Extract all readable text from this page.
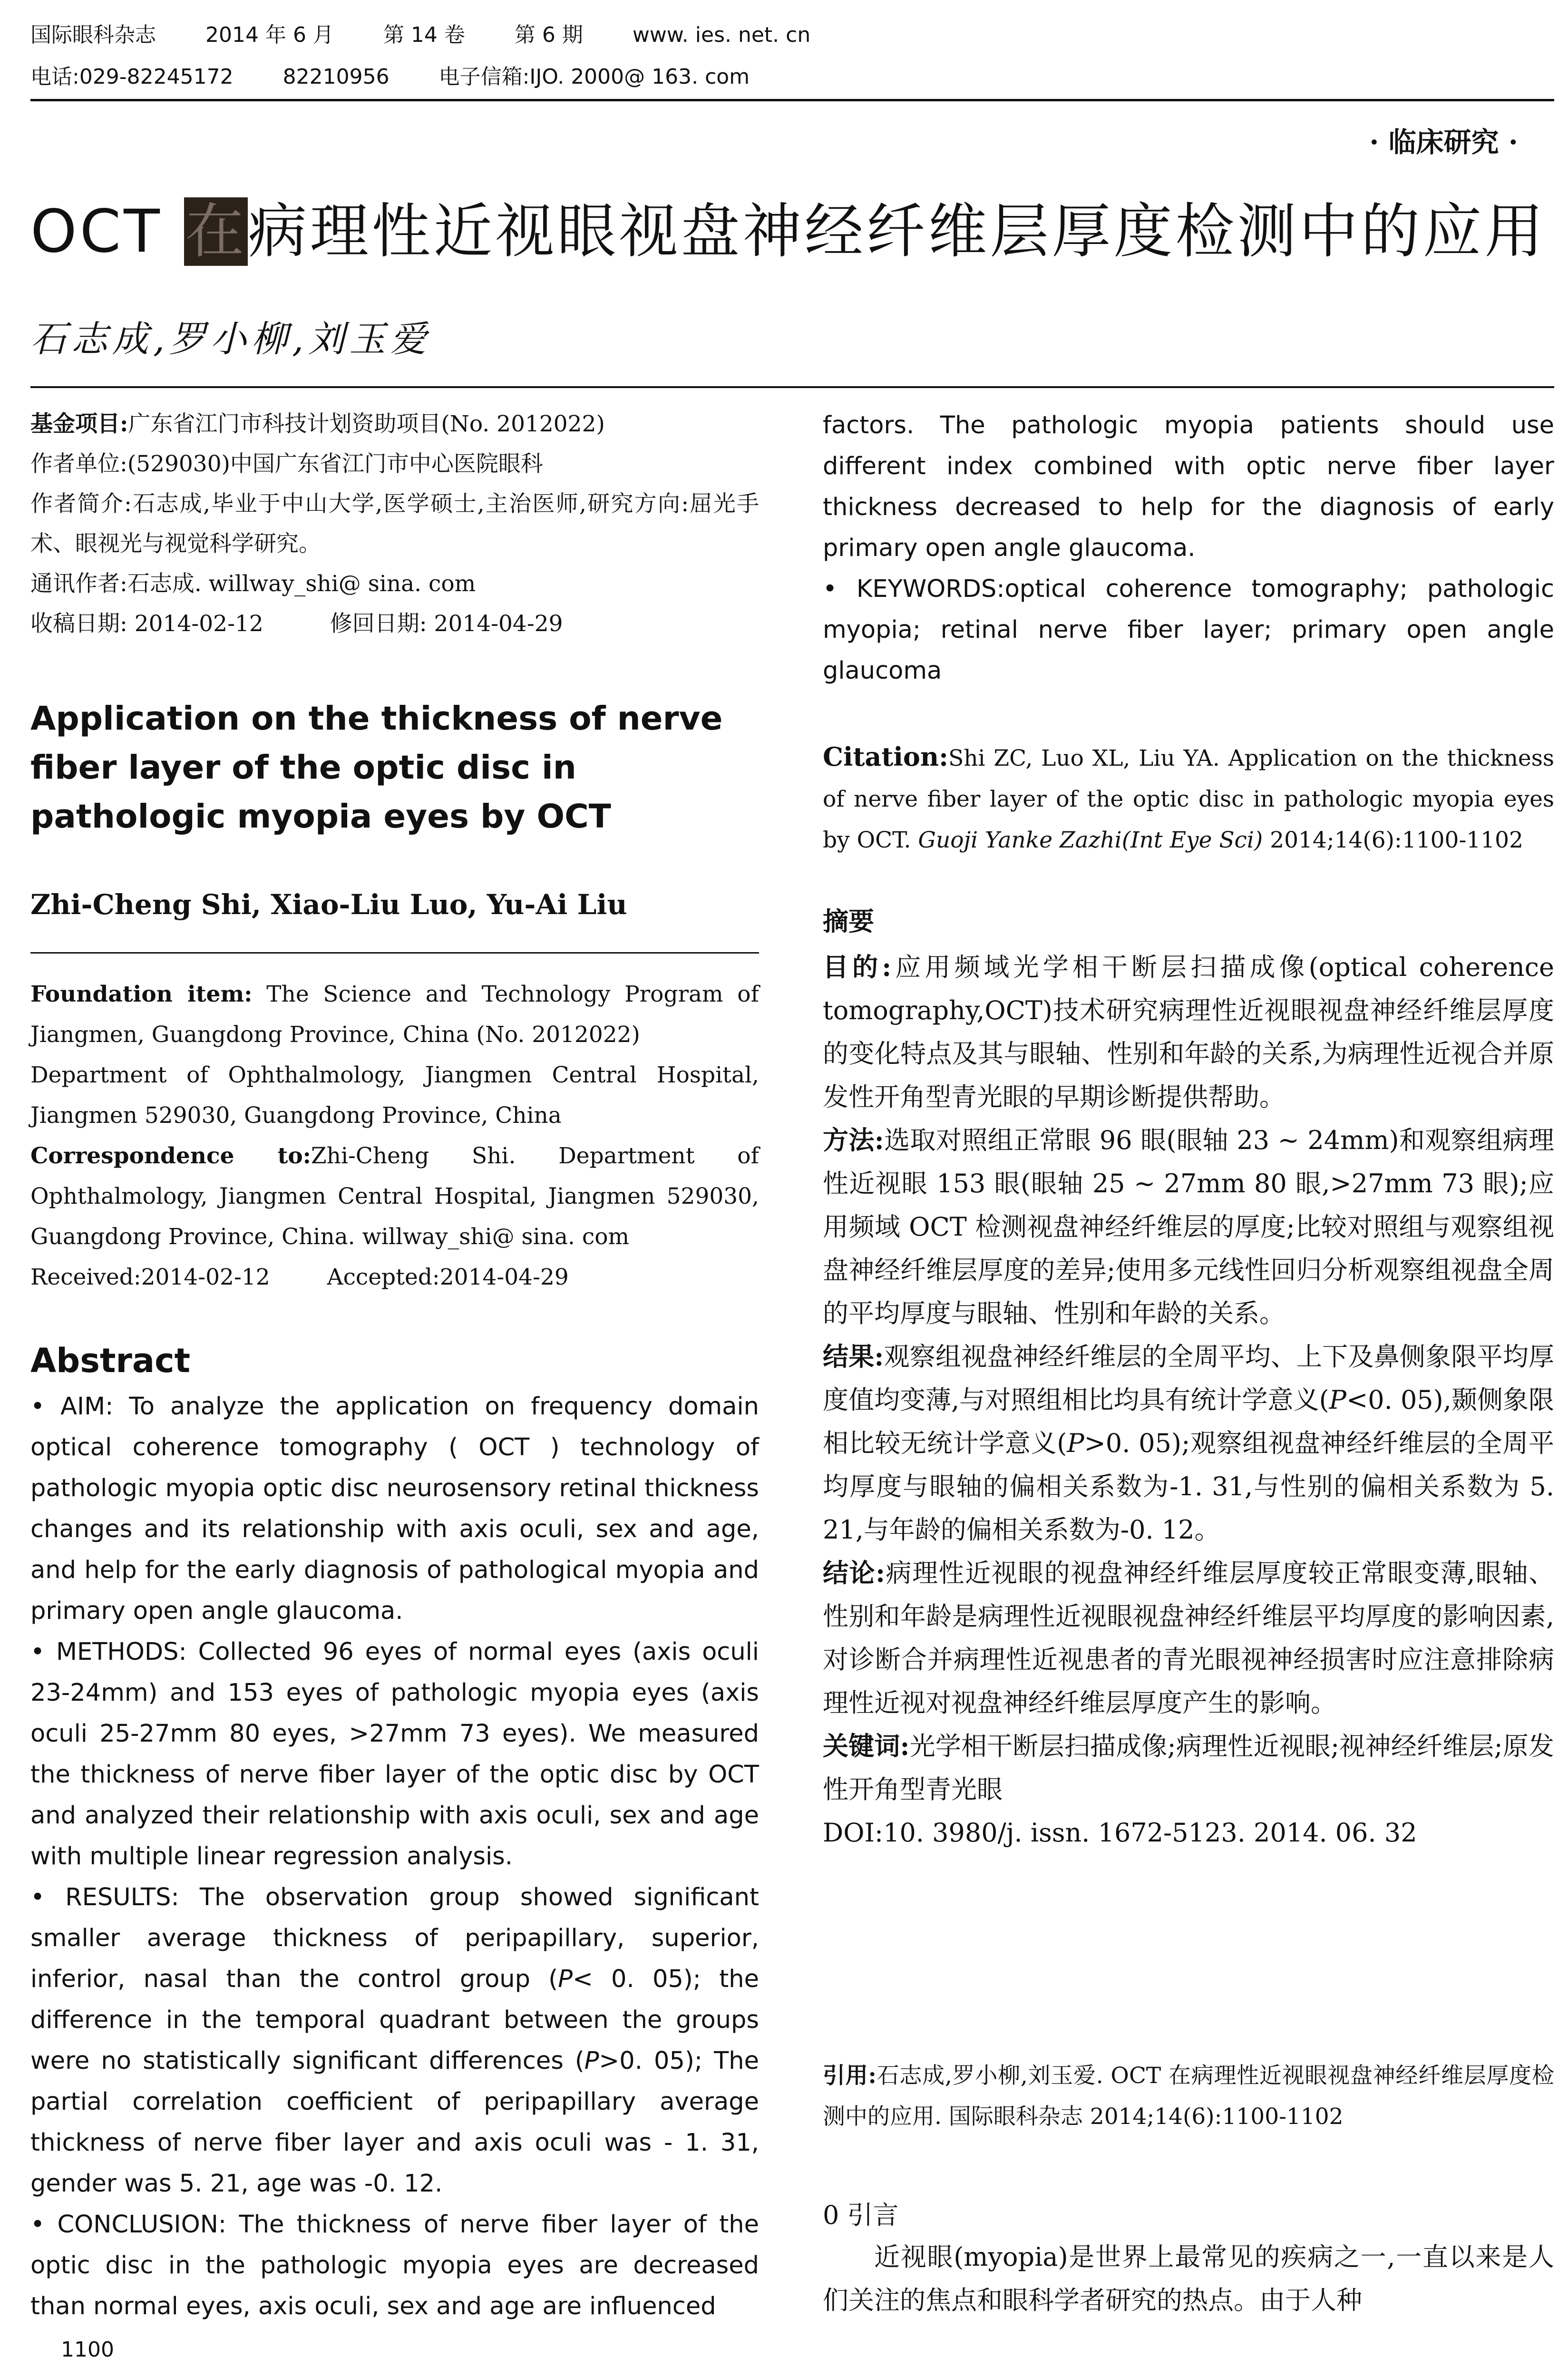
国际眼科杂志 2014 年 6 月 第 14 卷 第 6 期 www. ies. net. cn
电话:029-82245172 82210956 电子信箱:IJO. 2000@ 163. com
· 临床研究 ·
OCT 在病理性近视眼视盘神经纤维层厚度检测中的应用
石志成,罗小柳,刘玉爱

基金项目:广东省江门市科技计划资助项目(No. 2012022)

作者单位:(529030)中国广东省江门市中心医院眼科

作者简介:石志成,毕业于中山大学,医学硕士,主治医师,研究方向:屈光手术、眼视光与视觉科学研究。

通讯作者:石志成. willway_shi@ sina. com

收稿日期: 2014-02-12	修回日期: 2014-04-29

Application on the thickness of nerve fiber layer of the optic disc in pathologic myopia eyes by OCT

Zhi-Cheng Shi, Xiao-Liu Luo, Yu-Ai Liu

Foundation item: The Science and Technology Program of Jiangmen, Guangdong Province, China (No. 2012022)

Department of Ophthalmology, Jiangmen Central Hospital, Jiangmen 529030, Guangdong Province, China

Correspondence to:Zhi-Cheng Shi. Department of Ophthalmology, Jiangmen Central Hospital, Jiangmen 529030, Guangdong Province, China. willway_shi@ sina. com

Received:2014-02-12	Accepted:2014-04-29

Abstract

• AIM: To analyze the application on frequency domain optical coherence tomography ( OCT ) technology of pathologic myopia optic disc neurosensory retinal thickness changes and its relationship with axis oculi, sex and age, and help for the early diagnosis of pathological myopia and primary open angle glaucoma.

• METHODS: Collected 96 eyes of normal eyes (axis oculi 23-24mm) and 153 eyes of pathologic myopia eyes (axis oculi 25-27mm 80 eyes, >27mm 73 eyes). We measured the thickness of nerve fiber layer of the optic disc by OCT and analyzed their relationship with axis oculi, sex and age with multiple linear regression analysis.

• RESULTS: The observation group showed significant smaller average thickness of peripapillary, superior, inferior, nasal than the control group (P< 0. 05); the difference in the temporal quadrant between the groups were no statistically significant differences (P>0. 05); The partial correlation coefficient of peripapillary average thickness of nerve fiber layer and axis oculi was - 1. 31, gender was 5. 21, age was -0. 12.

• CONCLUSION: The thickness of nerve fiber layer of the optic disc in the pathologic myopia eyes are decreased than normal eyes, axis oculi, sex and age are influenced

1100

factors. The pathologic myopia patients should use different index combined with optic nerve fiber layer thickness decreased to help for the diagnosis of early primary open angle glaucoma.

• KEYWORDS:optical coherence tomography; pathologic myopia; retinal nerve fiber layer; primary open angle glaucoma

Citation:Shi ZC, Luo XL, Liu YA. Application on the thickness of nerve fiber layer of the optic disc in pathologic myopia eyes by OCT. Guoji Yanke Zazhi(Int Eye Sci) 2014;14(6):1100-1102

摘要

目的:应用频域光学相干断层扫描成像(optical coherence tomography,OCT)技术研究病理性近视眼视盘神经纤维层厚度的变化特点及其与眼轴、性别和年龄的关系,为病理性近视合并原发性开角型青光眼的早期诊断提供帮助。

方法:选取对照组正常眼 96 眼(眼轴 23 ~ 24mm)和观察组病理性近视眼 153 眼(眼轴 25 ~ 27mm 80 眼,>27mm 73 眼);应用频域 OCT 检测视盘神经纤维层的厚度;比较对照组与观察组视盘神经纤维层厚度的差异;使用多元线性回归分析观察组视盘全周的平均厚度与眼轴、性别和年龄的关系。

结果:观察组视盘神经纤维层的全周平均、上下及鼻侧象限平均厚度值均变薄,与对照组相比均具有统计学意义(P<0. 05),颞侧象限相比较无统计学意义(P>0. 05);观察组视盘神经纤维层的全周平均厚度与眼轴的偏相关系数为-1. 31,与性别的偏相关系数为 5. 21,与年龄的偏相关系数为-0. 12。

结论:病理性近视眼的视盘神经纤维层厚度较正常眼变薄,眼轴、性别和年龄是病理性近视眼视盘神经纤维层平均厚度的影响因素,对诊断合并病理性近视患者的青光眼视神经损害时应注意排除病理性近视对视盘神经纤维层厚度产生的影响。

关键词:光学相干断层扫描成像;病理性近视眼;视神经纤维层;原发性开角型青光眼

DOI:10. 3980/j. issn. 1672-5123. 2014. 06. 32

引用:石志成,罗小柳,刘玉爱. OCT 在病理性近视眼视盘神经纤维层厚度检测中的应用. 国际眼科杂志 2014;14(6):1100-1102

0 引言

近视眼(myopia)是世界上最常见的疾病之一,一直以来是人们关注的焦点和眼科学者研究的热点。由于人种
